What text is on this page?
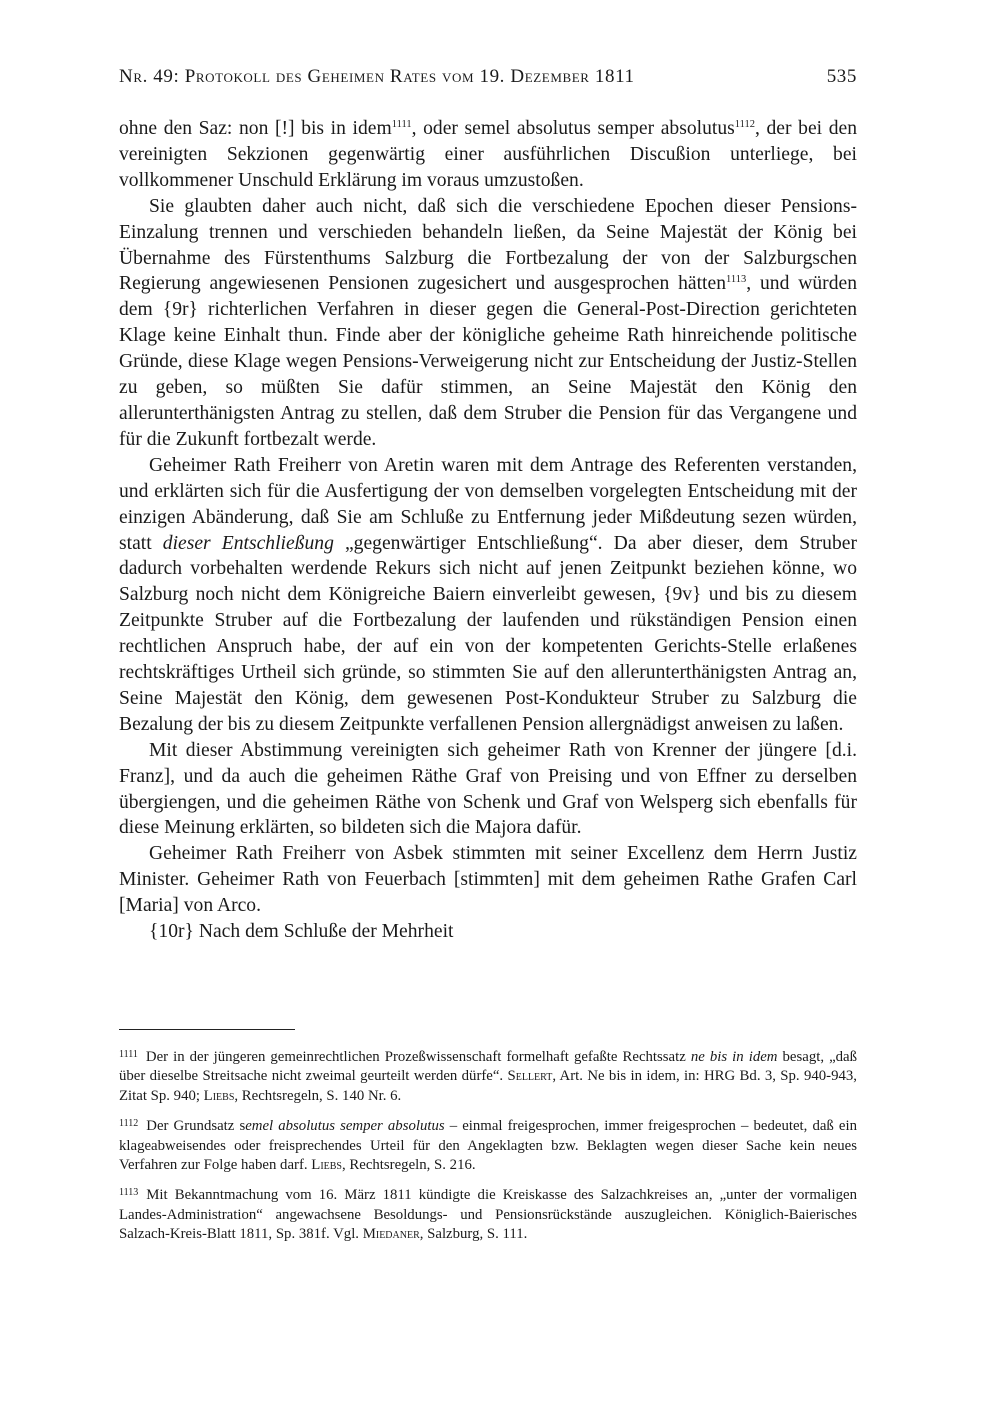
Nr. 49: Protokoll des Geheimen Rates vom 19. Dezember 1811	535

ohne den Saz: non [!] bis in idem$^{1111}$, oder semel absolutus semper absolutus$^{1112}$, der bei den vereinigten Sekzionen gegenwärtig einer ausführlichen Discußion unterliege, bei vollkommener Unschuld Erklärung im voraus umzustoßen.

Sie glaubten daher auch nicht, daß sich die verschiedene Epochen dieser Pensions-Einzalung trennen und verschieden behandeln ließen, da Seine Majestät der König bei Übernahme des Fürstenthums Salzburg die Fortbezalung der von der Salzburgschen Regierung angewiesenen Pensionen zugesichert und ausgesprochen hätten$^{1113}$, und würden dem {9r} richterlichen Verfahren in dieser gegen die General-Post-Direction gerichteten Klage keine Einhalt thun. Finde aber der königliche geheime Rath hinreichende politische Gründe, diese Klage wegen Pensions-Verweigerung nicht zur Entscheidung der Justiz-Stellen zu geben, so müßten Sie dafür stimmen, an Seine Majestät den König den allerunterthänigsten Antrag zu stellen, daß dem Struber die Pension für das Vergangene und für die Zukunft fortbezalt werde.

Geheimer Rath Freiherr von Aretin waren mit dem Antrage des Referenten verstanden, und erklärten sich für die Ausfertigung der von demselben vorgelegten Entscheidung mit der einzigen Abänderung, daß Sie am Schluße zu Entfernung jeder Mißdeutung sezen würden, statt dieser Entschließung „gegenwärtiger Entschließung“. Da aber dieser, dem Struber dadurch vorbehalten werdende Rekurs sich nicht auf jenen Zeitpunkt beziehen könne, wo Salzburg noch nicht dem Königreiche Baiern einverleibt gewesen, {9v} und bis zu diesem Zeitpunkte Struber auf die Fortbezalung der laufenden und rükständigen Pension einen rechtlichen Anspruch habe, der auf ein von der kompetenten Gerichts-Stelle erlaßenes rechtskräftiges Urtheil sich gründe, so stimmten Sie auf den allerunterthänigsten Antrag an, Seine Majestät den König, dem gewesenen Post-Kondukteur Struber zu Salzburg die Bezalung der bis zu diesem Zeitpunkte verfallenen Pension allergnädigst anweisen zu laßen.

Mit dieser Abstimmung vereinigten sich geheimer Rath von Krenner der jüngere [d.i. Franz], und da auch die geheimen Räthe Graf von Preising und von Effner zu derselben übergiengen, und die geheimen Räthe von Schenk und Graf von Welsperg sich ebenfalls für diese Meinung erklärten, so bildeten sich die Majora dafür.

Geheimer Rath Freiherr von Asbek stimmten mit seiner Excellenz dem Herrn Justiz Minister. Geheimer Rath von Feuerbach [stimmten] mit dem geheimen Rathe Grafen Carl [Maria] von Arco.

{10r} Nach dem Schluße der Mehrheit

$^{1111}$ Der in der jüngeren gemeinrechtlichen Prozeßwissenschaft formelhaft gefaßte Rechtssatz ne bis in idem besagt, „daß über dieselbe Streitsache nicht zweimal geurteilt werden dürfe“. Sellert, Art. Ne bis in idem, in: HRG Bd. 3, Sp. 940-943, Zitat Sp. 940; Liebs, Rechtsregeln, S. 140 Nr. 6.

$^{1112}$ Der Grundsatz semel absolutus semper absolutus – einmal freigesprochen, immer freigesprochen – bedeutet, daß ein klageabweisendes oder freisprechendes Urteil für den Angeklagten bzw. Beklagten wegen dieser Sache kein neues Verfahren zur Folge haben darf. Liebs, Rechtsregeln, S. 216.

$^{1113}$ Mit Bekanntmachung vom 16. März 1811 kündigte die Kreiskasse des Salzachkreises an, „unter der vormaligen Landes-Administration“ angewachsene Besoldungs- und Pensionsrückstände auszugleichen. Königlich-Baierisches Salzach-Kreis-Blatt 1811, Sp. 381f. Vgl. Miedaner, Salzburg, S. 111.
